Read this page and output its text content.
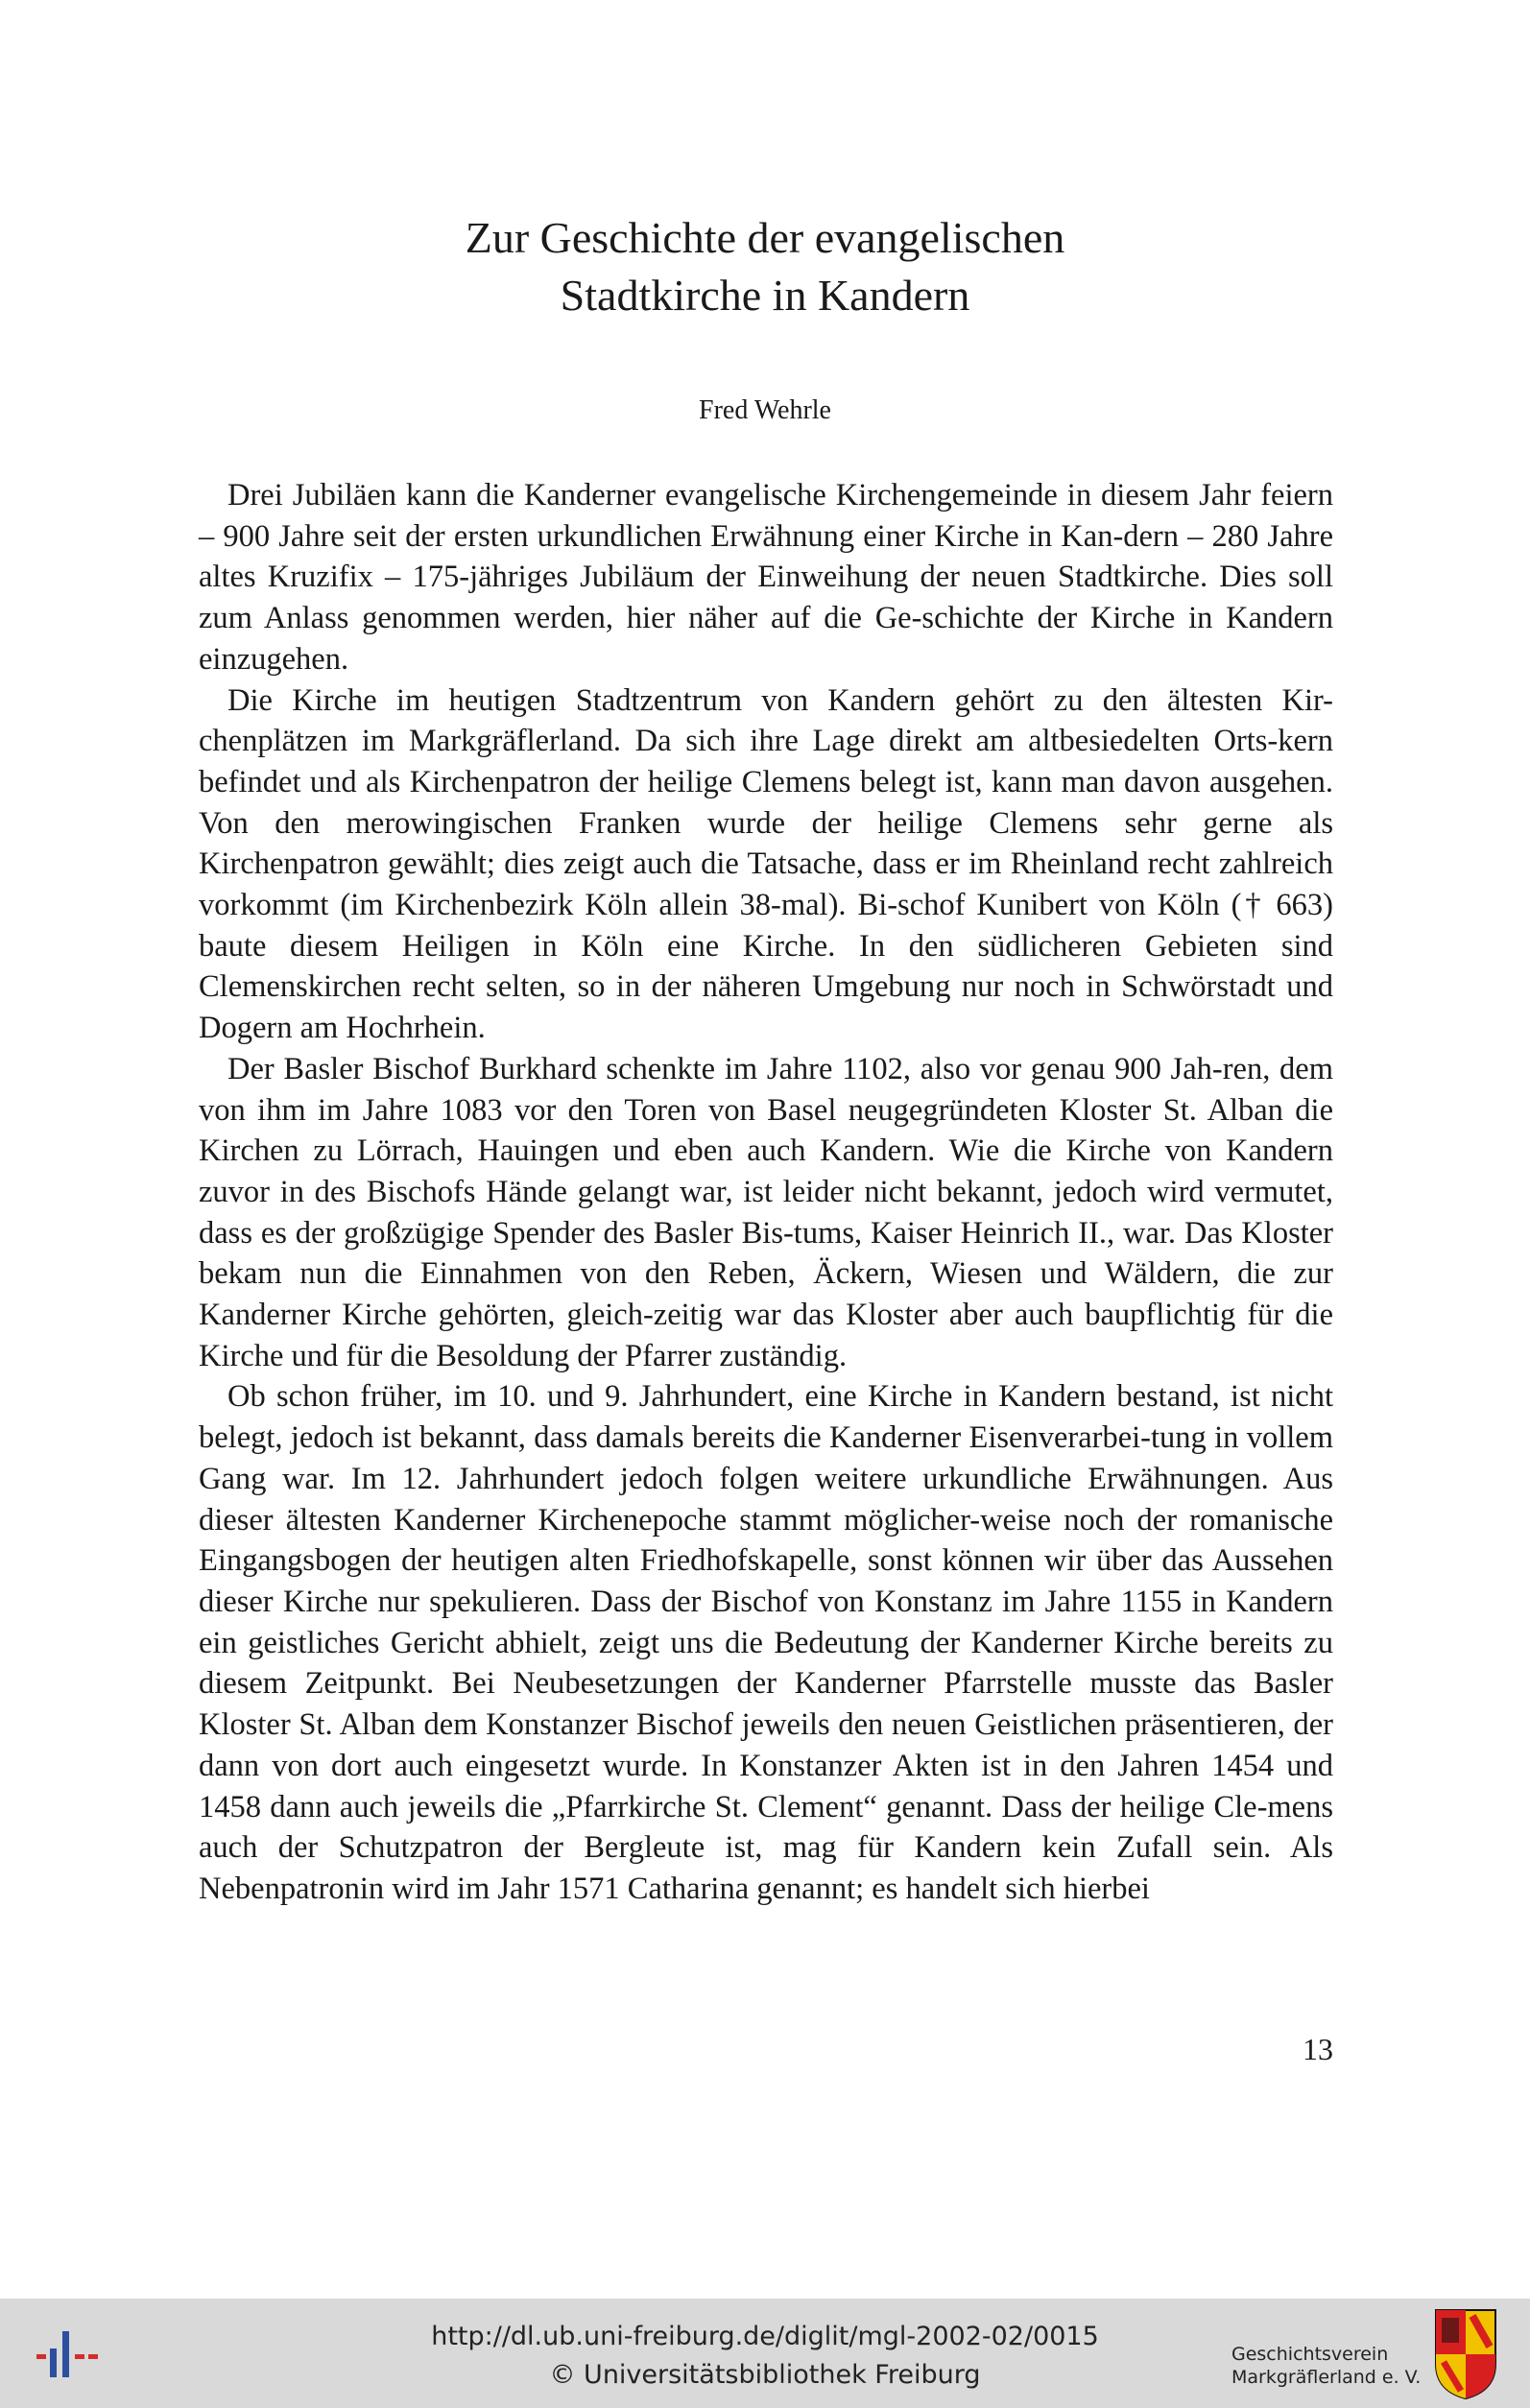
Zur Geschichte der evangelischen
Stadtkirche in Kandern
Fred Wehrle

Drei Jubiläen kann die Kanderner evangelische Kirchengemeinde in diesem Jahr feiern – 900 Jahre seit der ersten urkundlichen Erwähnung einer Kirche in Kan-dern – 280 Jahre altes Kruzifix – 175-jähriges Jubiläum der Einweihung der neuen Stadtkirche. Dies soll zum Anlass genommen werden, hier näher auf die Ge-schichte der Kirche in Kandern einzugehen.

Die Kirche im heutigen Stadtzentrum von Kandern gehört zu den ältesten Kir-chenplätzen im Markgräflerland. Da sich ihre Lage direkt am altbesiedelten Orts-kern befindet und als Kirchenpatron der heilige Clemens belegt ist, kann man davon ausgehen. Von den merowingischen Franken wurde der heilige Clemens sehr gerne als Kirchenpatron gewählt; dies zeigt auch die Tatsache, dass er im Rheinland recht zahlreich vorkommt (im Kirchenbezirk Köln allein 38-mal). Bi-schof Kunibert von Köln († 663) baute diesem Heiligen in Köln eine Kirche. In den südlicheren Gebieten sind Clemenskirchen recht selten, so in der näheren Umgebung nur noch in Schwörstadt und Dogern am Hochrhein.

Der Basler Bischof Burkhard schenkte im Jahre 1102, also vor genau 900 Jah-ren, dem von ihm im Jahre 1083 vor den Toren von Basel neugegründeten Kloster St. Alban die Kirchen zu Lörrach, Hauingen und eben auch Kandern. Wie die Kirche von Kandern zuvor in des Bischofs Hände gelangt war, ist leider nicht bekannt, jedoch wird vermutet, dass es der großzügige Spender des Basler Bis-tums, Kaiser Heinrich II., war. Das Kloster bekam nun die Einnahmen von den Reben, Äckern, Wiesen und Wäldern, die zur Kanderner Kirche gehörten, gleich-zeitig war das Kloster aber auch baupflichtig für die Kirche und für die Besoldung der Pfarrer zuständig.

Ob schon früher, im 10. und 9. Jahrhundert, eine Kirche in Kandern bestand, ist nicht belegt, jedoch ist bekannt, dass damals bereits die Kanderner Eisenverarbei-tung in vollem Gang war. Im 12. Jahrhundert jedoch folgen weitere urkundliche Erwähnungen. Aus dieser ältesten Kanderner Kirchenepoche stammt möglicher-weise noch der romanische Eingangsbogen der heutigen alten Friedhofskapelle, sonst können wir über das Aussehen dieser Kirche nur spekulieren. Dass der Bischof von Konstanz im Jahre 1155 in Kandern ein geistliches Gericht abhielt, zeigt uns die Bedeutung der Kanderner Kirche bereits zu diesem Zeitpunkt. Bei Neubesetzungen der Kanderner Pfarrstelle musste das Basler Kloster St. Alban dem Konstanzer Bischof jeweils den neuen Geistlichen präsentieren, der dann von dort auch eingesetzt wurde. In Konstanzer Akten ist in den Jahren 1454 und 1458 dann auch jeweils die „Pfarrkirche St. Clement“ genannt. Dass der heilige Cle-mens auch der Schutzpatron der Bergleute ist, mag für Kandern kein Zufall sein. Als Nebenpatronin wird im Jahr 1571 Catharina genannt; es handelt sich hierbei

13
http://dl.ub.uni-freiburg.de/diglit/mgl-2002-02/0015
© Universitätsbibliothek Freiburg
Geschichtsverein
Markgräflerland e. V.
